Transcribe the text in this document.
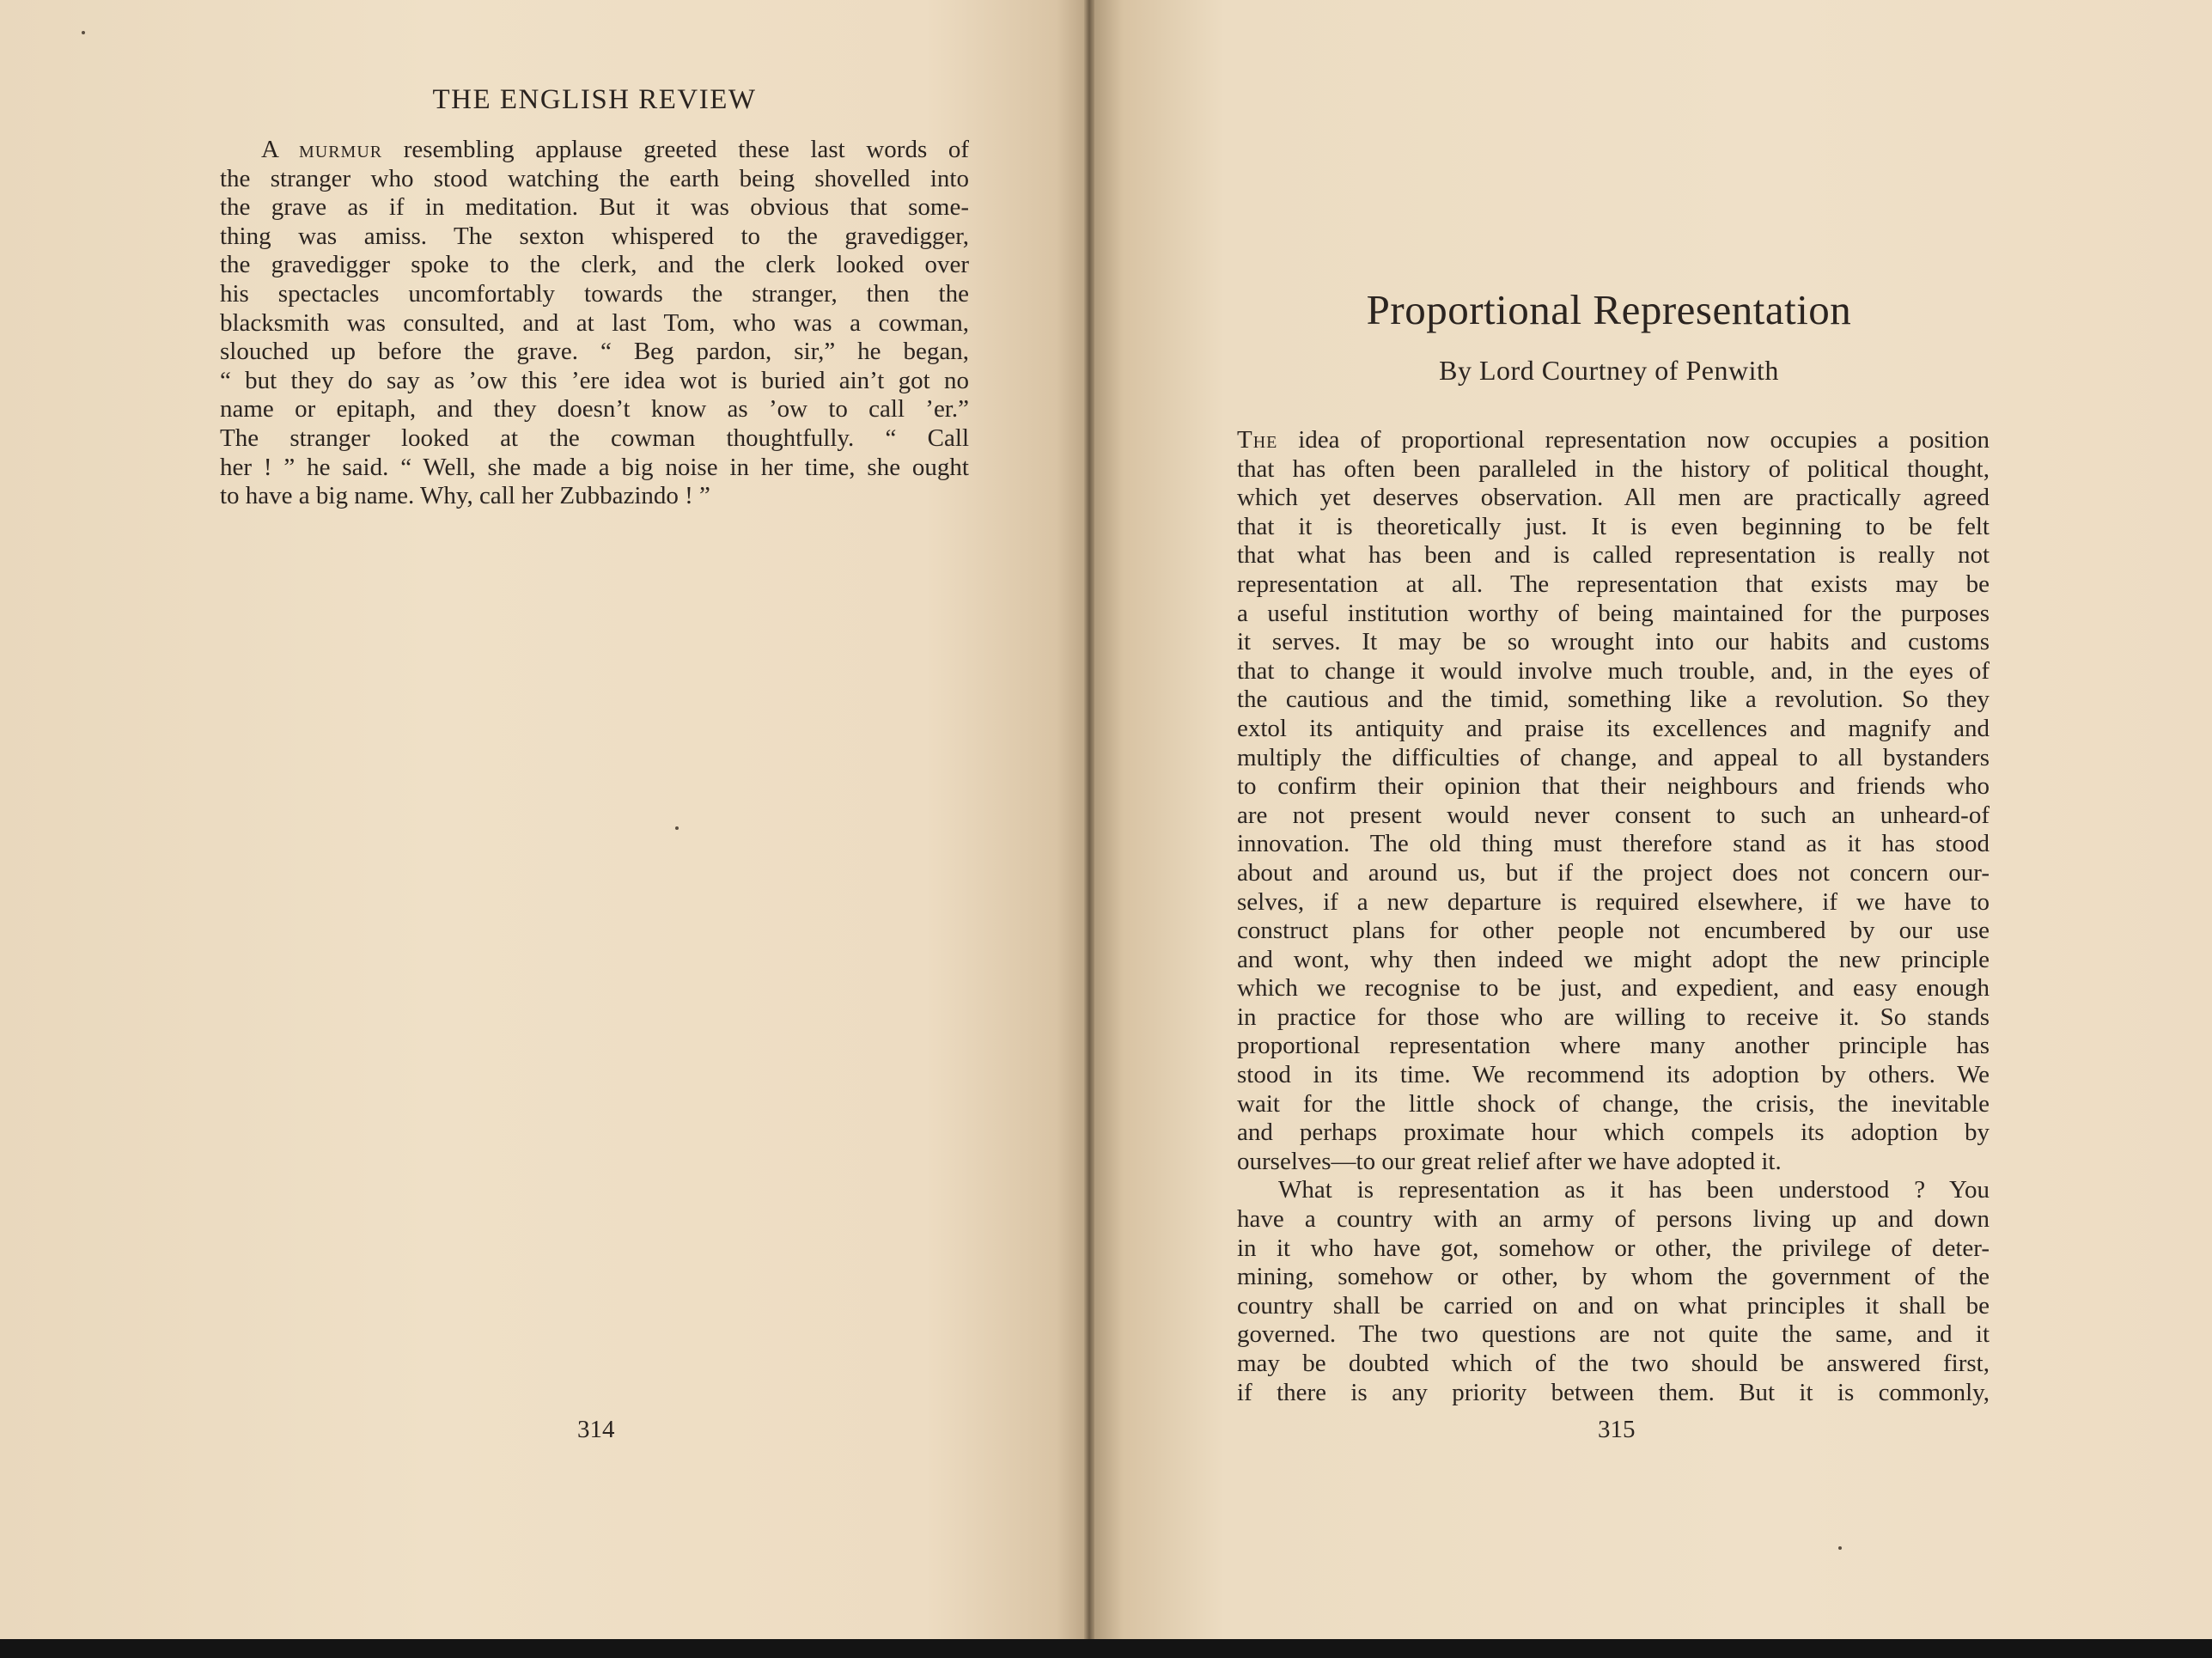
THE ENGLISH REVIEW
A murmur resembling applause greeted these last words of
the stranger who stood watching the earth being shovelled into
the grave as if in meditation. But it was obvious that some-
thing was amiss. The sexton whispered to the gravedigger,
the gravedigger spoke to the clerk, and the clerk looked over
his spectacles uncomfortably towards the stranger, then the
blacksmith was consulted, and at last Tom, who was a cowman,
slouched up before the grave. “ Beg pardon, sir,” he began,
“ but they do say as ’ow this ’ere idea wot is buried ain’t got no
name or epitaph, and they doesn’t know as ’ow to call ’er.”
The stranger looked at the cowman thoughtfully. “ Call
her ! ” he said. “ Well, she made a big noise in her time, she ought
to have a big name. Why, call her Zubbazindo ! ”
314
Proportional Representation
By Lord Courtney of Penwith
The idea of proportional representation now occupies a position
that has often been paralleled in the history of political thought,
which yet deserves observation. All men are practically agreed
that it is theoretically just. It is even beginning to be felt
that what has been and is called representation is really not
representation at all. The representation that exists may be
a useful institution worthy of being maintained for the purposes
it serves. It may be so wrought into our habits and customs
that to change it would involve much trouble, and, in the eyes of
the cautious and the timid, something like a revolution. So they
extol its antiquity and praise its excellences and magnify and
multiply the difficulties of change, and appeal to all bystanders
to confirm their opinion that their neighbours and friends who
are not present would never consent to such an unheard-of
innovation. The old thing must therefore stand as it has stood
about and around us, but if the project does not concern our-
selves, if a new departure is required elsewhere, if we have to
construct plans for other people not encumbered by our use
and wont, why then indeed we might adopt the new principle
which we recognise to be just, and expedient, and easy enough
in practice for those who are willing to receive it. So stands
proportional representation where many another principle has
stood in its time. We recommend its adoption by others. We
wait for the little shock of change, the crisis, the inevitable
and perhaps proximate hour which compels its adoption by
ourselves—to our great relief after we have adopted it.
What is representation as it has been understood ? You
have a country with an army of persons living up and down
in it who have got, somehow or other, the privilege of deter-
mining, somehow or other, by whom the government of the
country shall be carried on and on what principles it shall be
governed. The two questions are not quite the same, and it
may be doubted which of the two should be answered first,
if there is any priority between them. But it is commonly,
315
